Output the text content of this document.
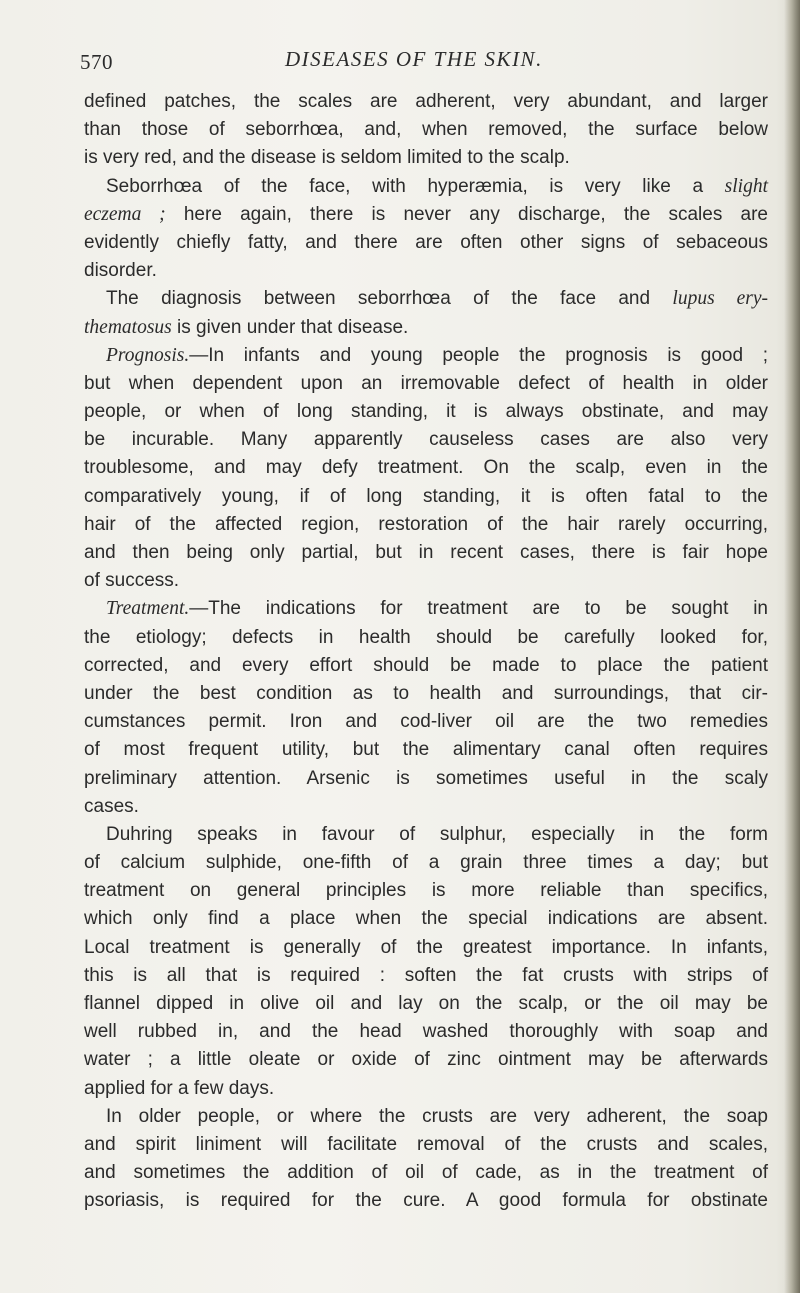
570	DISEASES OF THE SKIN.
defined patches, the scales are adherent, very abundant, and larger
than those of seborrhœa, and, when removed, the surface below
is very red, and the disease is seldom limited to the scalp.
Seborrhœa of the face, with hyperæmia, is very like a slight
eczema ; here again, there is never any discharge, the scales are
evidently chiefly fatty, and there are often other signs of sebaceous
disorder.
The diagnosis between seborrhœa of the face and lupus ery-
thematosus is given under that disease.
Prognosis.—In infants and young people the prognosis is good ;
but when dependent upon an irremovable defect of health in older
people, or when of long standing, it is always obstinate, and may
be incurable. Many apparently causeless cases are also very
troublesome, and may defy treatment. On the scalp, even in the
comparatively young, if of long standing, it is often fatal to the
hair of the affected region, restoration of the hair rarely occurring,
and then being only partial, but in recent cases, there is fair hope
of success.
Treatment.—The indications for treatment are to be sought in
the etiology; defects in health should be carefully looked for,
corrected, and every effort should be made to place the patient
under the best condition as to health and surroundings, that cir-
cumstances permit. Iron and cod-liver oil are the two remedies
of most frequent utility, but the alimentary canal often requires
preliminary attention. Arsenic is sometimes useful in the scaly
cases.
Duhring speaks in favour of sulphur, especially in the form
of calcium sulphide, one-fifth of a grain three times a day; but
treatment on general principles is more reliable than specifics,
which only find a place when the special indications are absent.
Local treatment is generally of the greatest importance. In infants,
this is all that is required : soften the fat crusts with strips of
flannel dipped in olive oil and lay on the scalp, or the oil may be
well rubbed in, and the head washed thoroughly with soap and
water ; a little oleate or oxide of zinc ointment may be afterwards
applied for a few days.
In older people, or where the crusts are very adherent, the soap
and spirit liniment will facilitate removal of the crusts and scales,
and sometimes the addition of oil of cade, as in the treatment of
psoriasis, is required for the cure. A good formula for obstinate
